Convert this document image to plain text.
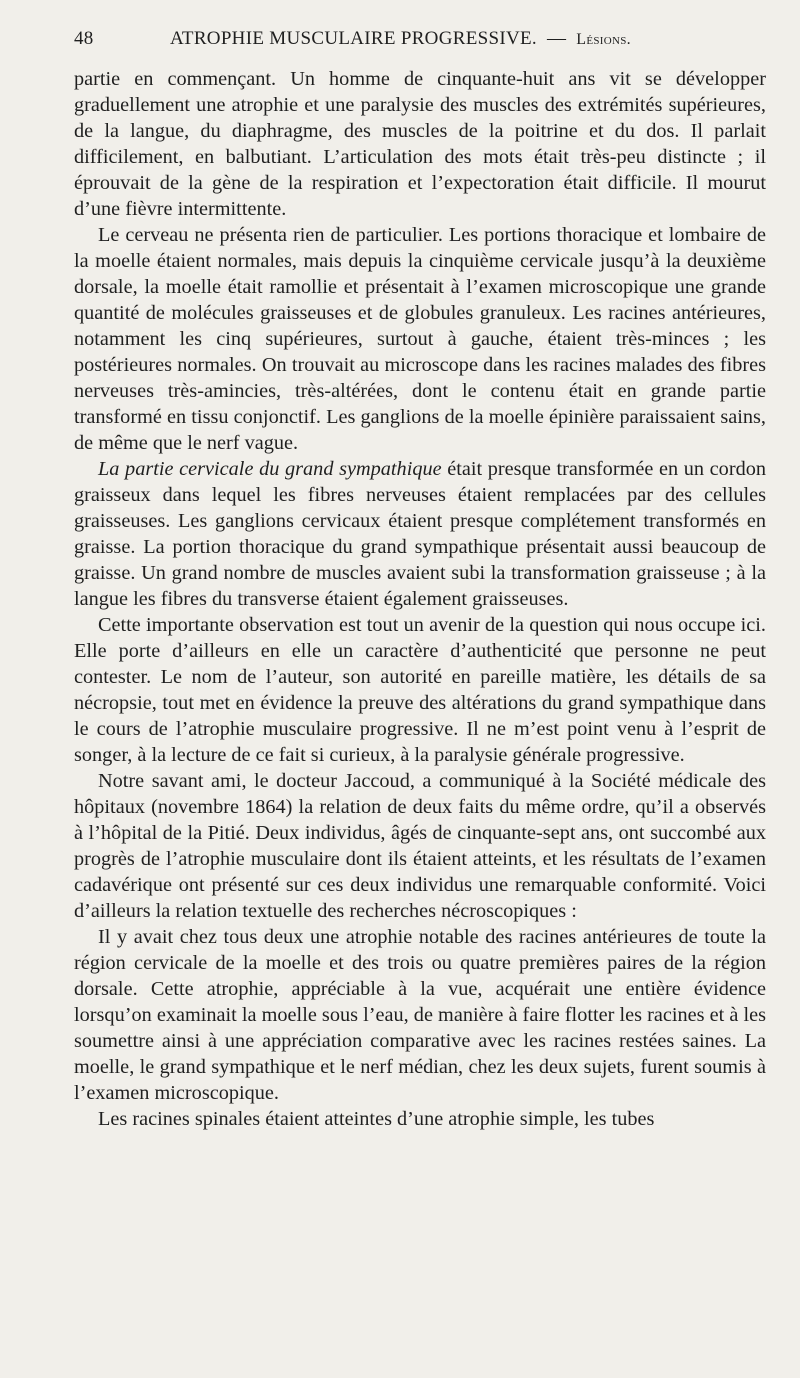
48	ATROPHIE MUSCULAIRE PROGRESSIVE. — Lésions.

partie en commençant. Un homme de cinquante-huit ans vit se développer graduellement une atrophie et une paralysie des muscles des extrémités supérieures, de la langue, du diaphragme, des muscles de la poitrine et du dos. Il parlait difficilement, en balbutiant. L’articulation des mots était très-peu distincte ; il éprouvait de la gène de la respiration et l’expectoration était difficile. Il mourut d’une fièvre intermittente.

Le cerveau ne présenta rien de particulier. Les portions thoracique et lombaire de la moelle étaient normales, mais depuis la cinquième cervicale jusqu’à la deuxième dorsale, la moelle était ramollie et présentait à l’examen microscopique une grande quantité de molécules graisseuses et de globules granuleux. Les racines antérieures, notamment les cinq supérieures, surtout à gauche, étaient très-minces ; les postérieures normales. On trouvait au microscope dans les racines malades des fibres nerveuses très-amincies, très-altérées, dont le contenu était en grande partie transformé en tissu conjonctif. Les ganglions de la moelle épinière paraissaient sains, de même que le nerf vague.

La partie cervicale du grand sympathique était presque transformée en un cordon graisseux dans lequel les fibres nerveuses étaient remplacées par des cellules graisseuses. Les ganglions cervicaux étaient presque complétement transformés en graisse. La portion thoracique du grand sympathique présentait aussi beaucoup de graisse. Un grand nombre de muscles avaient subi la transformation graisseuse ; à la langue les fibres du transverse étaient également graisseuses.

Cette importante observation est tout un avenir de la question qui nous occupe ici. Elle porte d’ailleurs en elle un caractère d’authenticité que personne ne peut contester. Le nom de l’auteur, son autorité en pareille matière, les détails de sa nécropsie, tout met en évidence la preuve des altérations du grand sympathique dans le cours de l’atrophie musculaire progressive. Il ne m’est point venu à l’esprit de songer, à la lecture de ce fait si curieux, à la paralysie générale progressive.

Notre savant ami, le docteur Jaccoud, a communiqué à la Société médicale des hôpitaux (novembre 1864) la relation de deux faits du même ordre, qu’il a observés à l’hôpital de la Pitié. Deux individus, âgés de cinquante-sept ans, ont succombé aux progrès de l’atrophie musculaire dont ils étaient atteints, et les résultats de l’examen cadavérique ont présenté sur ces deux individus une remarquable conformité. Voici d’ailleurs la relation textuelle des recherches nécroscopiques :

Il y avait chez tous deux une atrophie notable des racines antérieures de toute la région cervicale de la moelle et des trois ou quatre premières paires de la région dorsale. Cette atrophie, appréciable à la vue, acquérait une entière évidence lorsqu’on examinait la moelle sous l’eau, de manière à faire flotter les racines et à les soumettre ainsi à une appréciation comparative avec les racines restées saines. La moelle, le grand sympathique et le nerf médian, chez les deux sujets, furent soumis à l’examen microscopique.

Les racines spinales étaient atteintes d’une atrophie simple, les tubes
